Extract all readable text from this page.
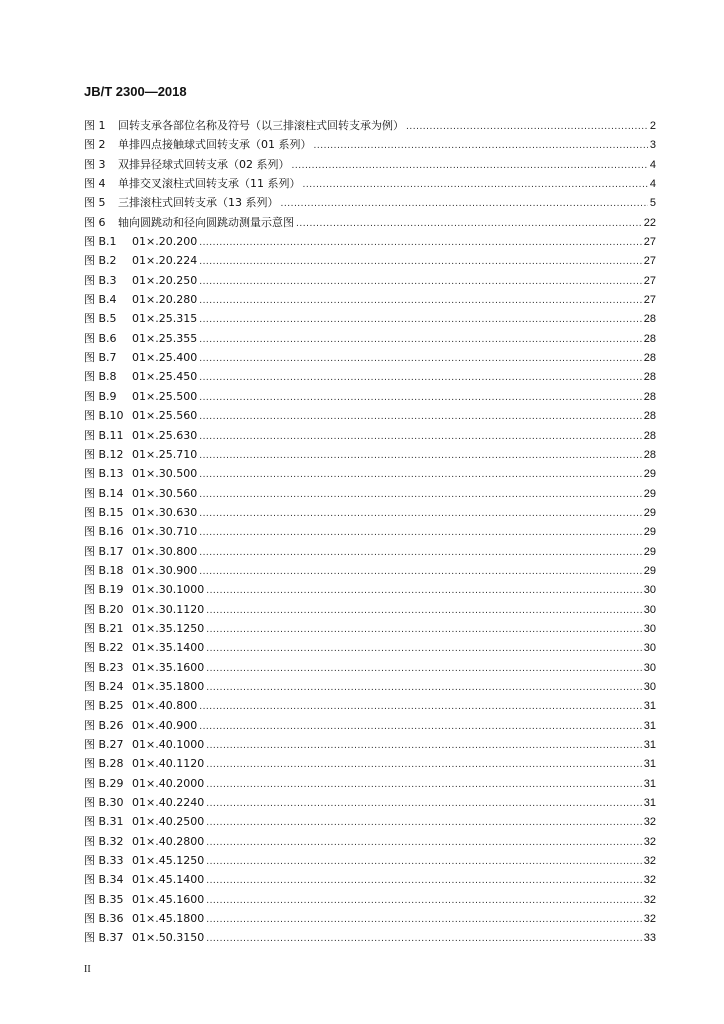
JB/T 2300—2018
图 1	回转支承各部位名称及符号（以三排滚柱式回转支承为例） .....	2
图 2	单排四点接触球式回转支承（01 系列） .....	3
图 3	双排异径球式回转支承（02 系列） .....	4
图 4	单排交叉滚柱式回转支承（11 系列） .....	4
图 5	三排滚柱式回转支承（13 系列） .....	5
图 6	轴向圆跳动和径向圆跳动测量示意图 .....	22
图 B.1	01×.20.200 .....	27
图 B.2	01×.20.224 .....	27
图 B.3	01×.20.250 .....	27
图 B.4	01×.20.280 .....	27
图 B.5	01×.25.315 .....	28
图 B.6	01×.25.355 .....	28
图 B.7	01×.25.400 .....	28
图 B.8	01×.25.450 .....	28
图 B.9	01×.25.500 .....	28
图 B.10 01×.25.560 .....	28
图 B.11 01×.25.630 .....	28
图 B.12 01×.25.710 .....	28
图 B.13 01×.30.500 .....	29
图 B.14 01×.30.560 .....	29
图 B.15 01×.30.630 .....	29
图 B.16 01×.30.710 .....	29
图 B.17 01×.30.800 .....	29
图 B.18 01×.30.900 .....	29
图 B.19 01×.30.1000 .....	30
图 B.20 01×.30.1120 .....	30
图 B.21 01×.35.1250 .....	30
图 B.22 01×.35.1400 .....	30
图 B.23 01×.35.1600 .....	30
图 B.24 01×.35.1800 .....	30
图 B.25 01×.40.800 .....	31
图 B.26 01×.40.900 .....	31
图 B.27 01×.40.1000 .....	31
图 B.28 01×.40.1120 .....	31
图 B.29 01×.40.2000 .....	31
图 B.30 01×.40.2240 .....	31
图 B.31 01×.40.2500 .....	32
图 B.32 01×.40.2800 .....	32
图 B.33 01×.45.1250 .....	32
图 B.34 01×.45.1400 .....	32
图 B.35 01×.45.1600 .....	32
图 B.36 01×.45.1800 .....	32
图 B.37 01×.50.3150 .....	33
II
